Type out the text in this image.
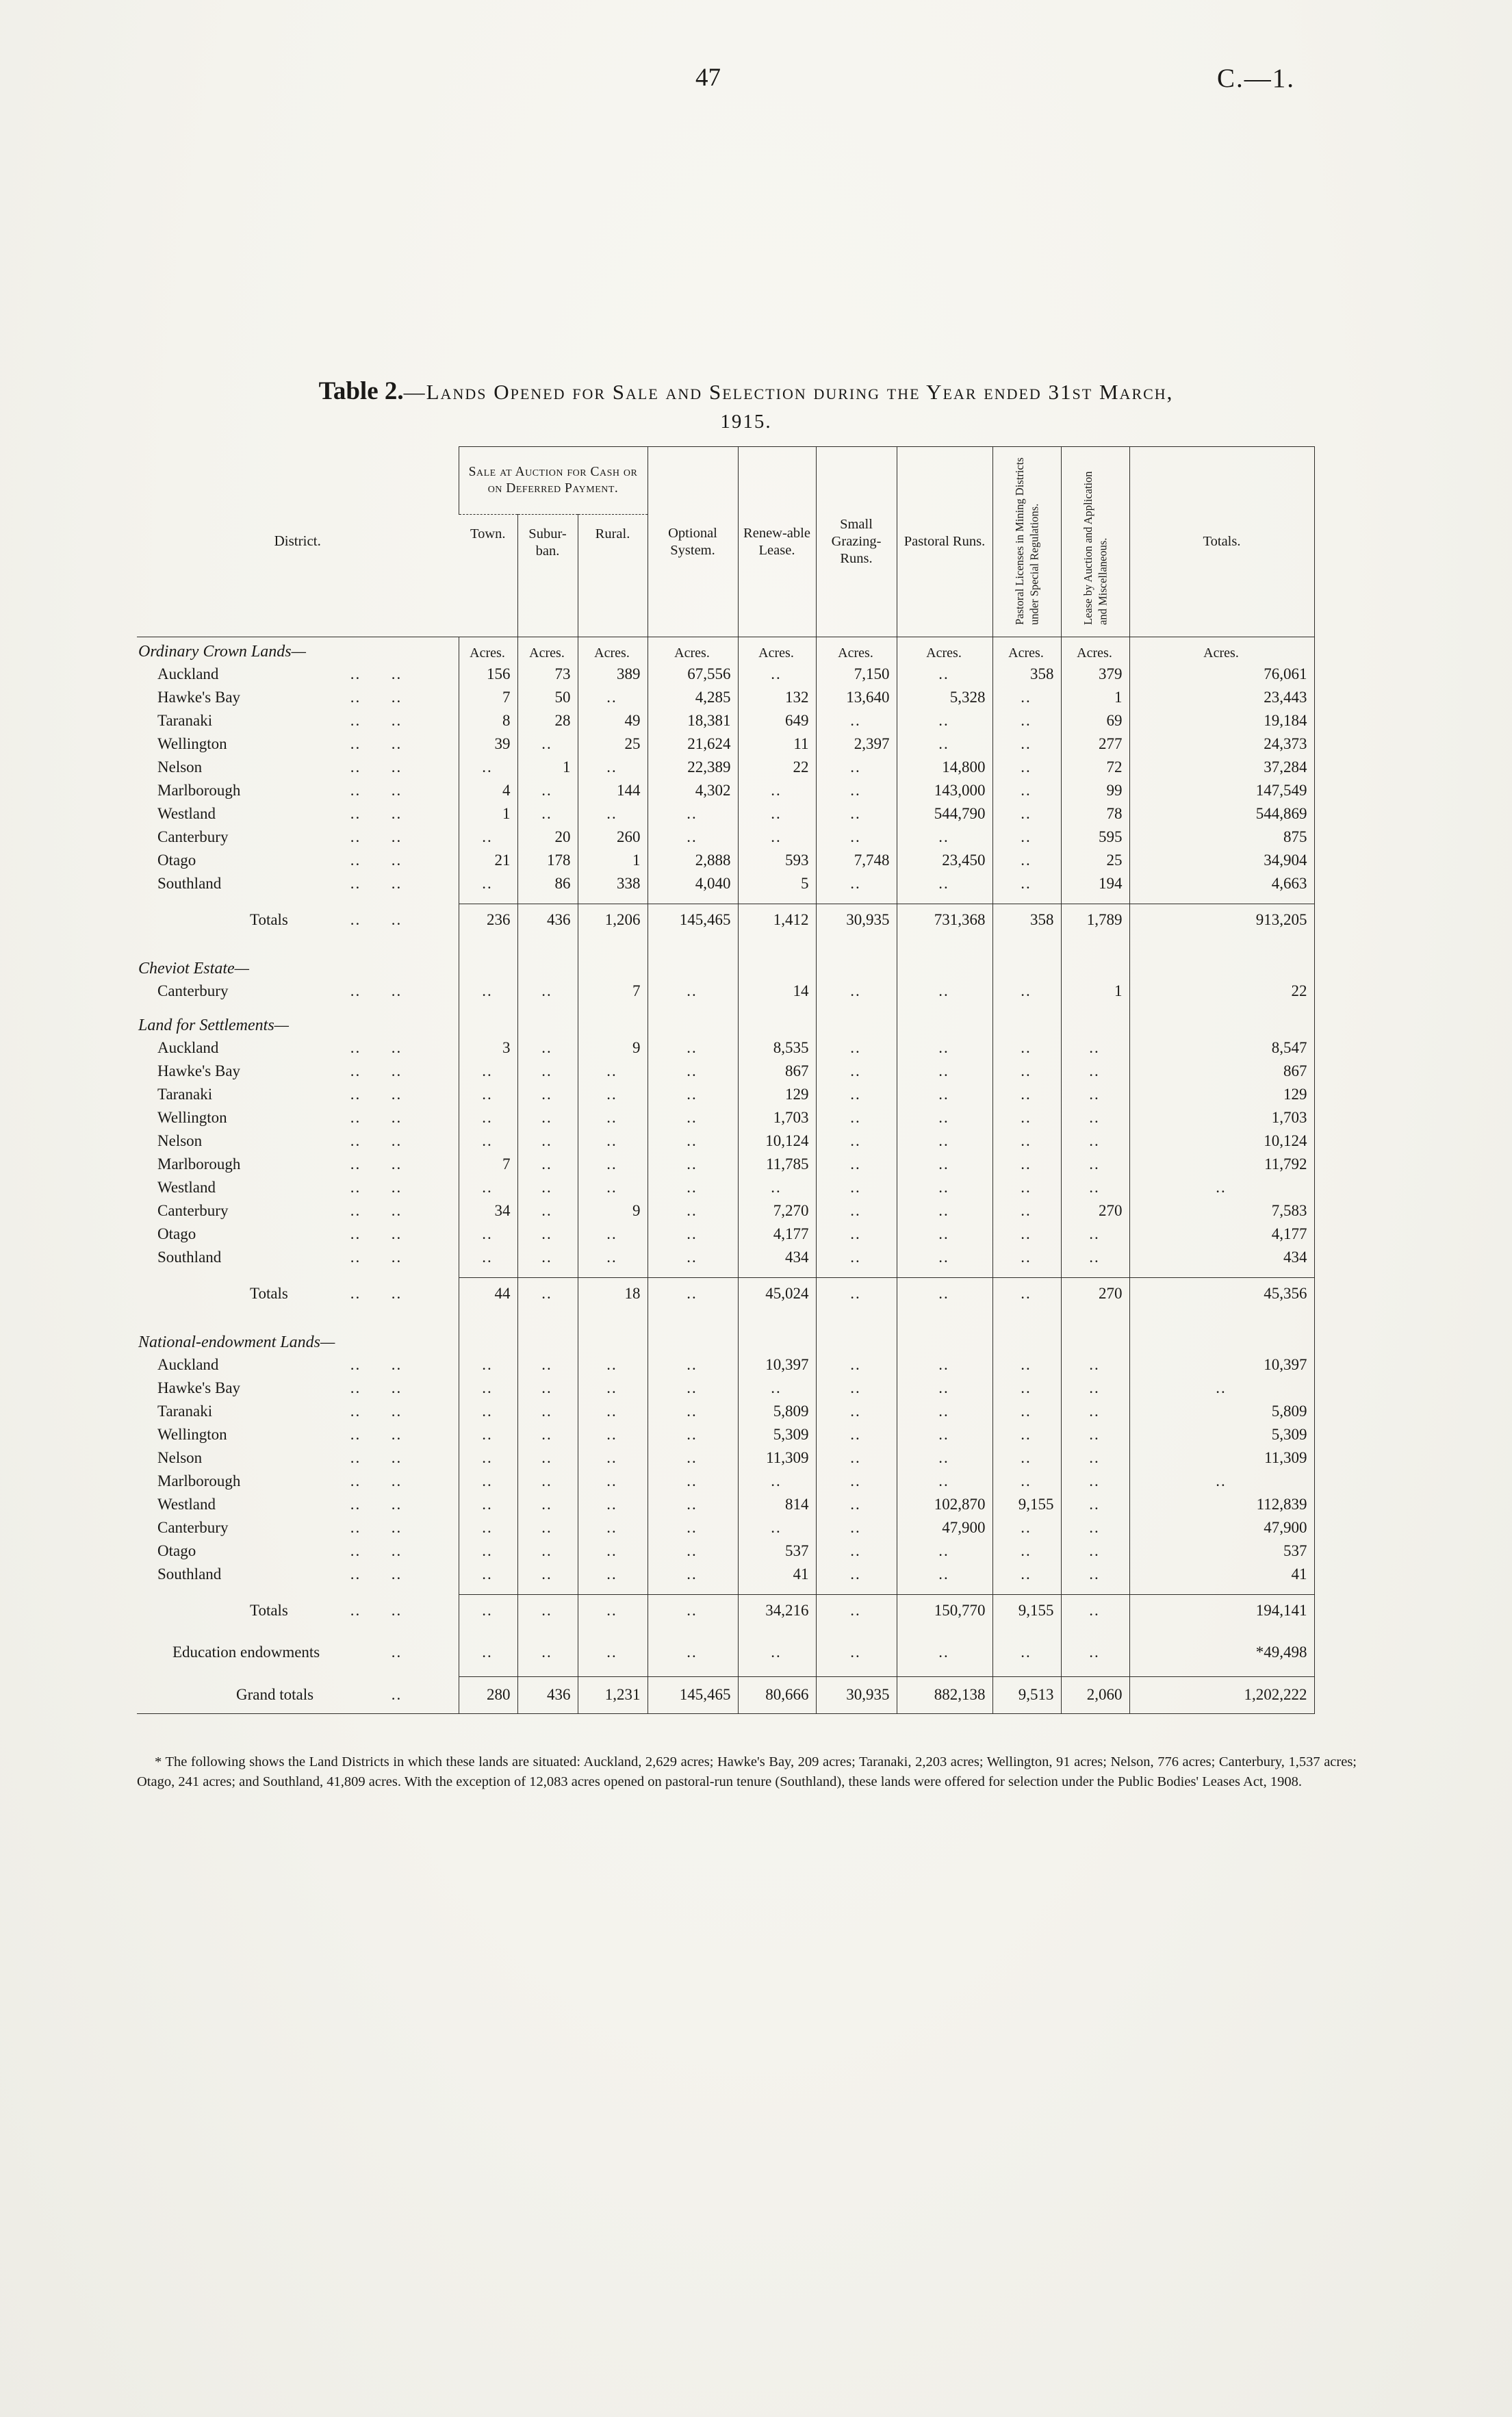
47	C.—1.
Table 2.—Lands Opened for Sale and Selection during the Year ended 31st March,
1915.
District.	Sale at Auction for Cash or on Deferred Payment.			Optional System.	Renew-able Lease.	Small Grazing-Runs.	Pastoral Runs.	Pastoral Licenses in Mining Districts under Special Regulations.	Lease by Auction and Application and Miscellaneous.	Totals.
	Town.	Subur-ban.	Rural.							
Ordinary Crown Lands—	Acres.	Acres.	Acres.	Acres.	Acres.	Acres.	Acres.	Acres.	Acres.	Acres.

Auckland .. ..	156	73	389	67,556	..	7,150	..	358	379	76,061

Hawke's Bay .. ..	7	50	..	4,285	132	13,640	5,328	..	1	23,443

Taranaki .. ..	8	28	49	18,381	649	..	..	..	69	19,184

Wellington .. ..	39	..	25	21,624	11	2,397	..	..	277	24,373

Nelson .. ..	..	1	..	22,389	22	..	14,800	..	72	37,284

Marlborough .. ..	4	..	144	4,302	..	..	143,000	..	99	147,549

Westland .. ..	1	..	..	..	..	..	544,790	..	78	544,869

Canterbury .. ..	..	20	260	..	..	..	..	..	595	875

Otago .. ..	21	178	1	2,888	593	7,748	23,450	..	25	34,904

Southland .. ..	..	86	338	4,040	5	..	..	..	194	4,663

Totals .. ..	236	436	1,206	145,465	1,412	30,935	731,368	358	1,789	913,205

Cheviot Estate—										

Canterbury .. ..	..	..	7	..	14	..	..	..	1	22
Land for Settlements—										

Auckland .. ..	3	..	9	..	8,535	..	..	..	..	8,547

Hawke's Bay .. ..	..	..	..	..	867	..	..	..	..	867

Taranaki .. ..	..	..	..	..	129	..	..	..	..	129

Wellington .. ..	..	..	..	..	1,703	..	..	..	..	1,703

Nelson .. ..	..	..	..	..	10,124	..	..	..	..	10,124

Marlborough .. ..	7	..	..	..	11,785	..	..	..	..	11,792

Westland .. ..	..	..	..	..	..	..	..	..	..	..

Canterbury .. ..	34	..	9	..	7,270	..	..	..	270	7,583

Otago .. ..	..	..	..	..	4,177	..	..	..	..	4,177

Southland .. ..	..	..	..	..	434	..	..	..	..	434

Totals .. ..	44	..	18	..	45,024	..	..	..	270	45,356

National-endowment Lands—										

Auckland .. ..	..	..	..	..	10,397	..	..	..	..	10,397

Hawke's Bay .. ..	..	..	..	..	..	..	..	..	..	..

Taranaki .. ..	..	..	..	..	5,809	..	..	..	..	5,809

Wellington .. ..	..	..	..	..	5,309	..	..	..	..	5,309

Nelson .. ..	..	..	..	..	11,309	..	..	..	..	11,309

Marlborough .. ..	..	..	..	..	..	..	..	..	..	..

Westland .. ..	..	..	..	..	814	..	102,870	9,155	..	112,839

Canterbury .. ..	..	..	..	..	..	..	47,900	..	..	47,900

Otago .. ..	..	..	..	..	537	..	..	..	..	537

Southland .. ..	..	..	..	..	41	..	..	..	..	41

Totals .. ..	..	..	..	..	34,216	..	150,770	9,155	..	194,141

Education endowments ..	..	..	..	..	..	..	..	..	..	*49,498

Grand totals ..	280	436	1,231	145,465	80,666	30,935	882,138	9,513	2,060	1,202,222

* The following shows the Land Districts in which these lands are situated: Auckland, 2,629 acres; Hawke's Bay, 209 acres; Taranaki, 2,203 acres; Wellington, 91 acres; Nelson, 776 acres; Canterbury, 1,537 acres; Otago, 241 acres; and Southland, 41,809 acres. With the exception of 12,083 acres opened on pastoral-run tenure (Southland), these lands were offered for selection under the Public Bodies' Leases Act, 1908.
